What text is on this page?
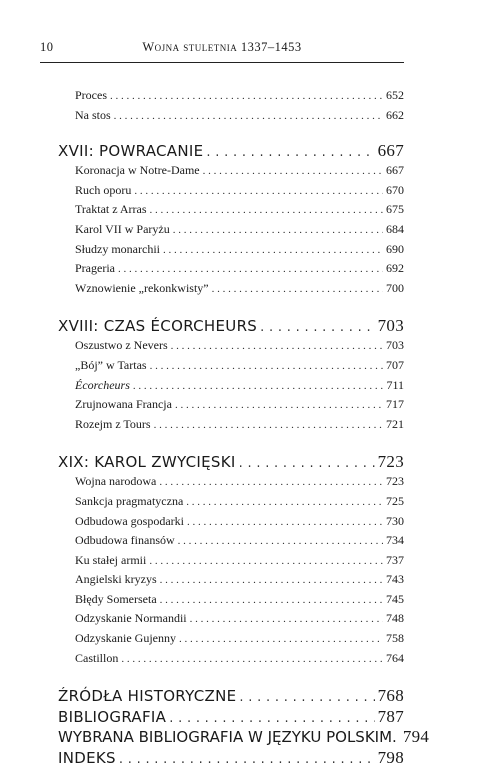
10	Wojna stuletnia 1337–1453
Proces . . .	652
Na stos . . .	662
XVII: POWRACANIE . . .	667
Koronacja w Notre-Dame . . .	667
Ruch oporu . . .	670
Traktat z Arras . . .	675
Karol VII w Paryżu . . .	684
Słudzy monarchii . . .	690
Prageria . . .	692
Wznowienie „rekonkwisty” . . .	700
XVIII: CZAS ÉCORCHEURS . . .	703
Oszustwo z Nevers . . .	703
„Bój” w Tartas . . .	707
Écorcheurs . . .	711
Zrujnowana Francja . . .	717
Rozejm z Tours . . .	721
XIX: KAROL ZWYCIĘSKI . . .	723
Wojna narodowa . . .	723
Sankcja pragmatyczna . . .	725
Odbudowa gospodarki . . .	730
Odbudowa finansów . . .	734
Ku stałej armii . . .	737
Angielski kryzys . . .	743
Błędy Somerseta . . .	745
Odzyskanie Normandii . . .	748
Odzyskanie Gujenny . . .	758
Castillon . . .	764
ŹRÓDŁA HISTORYCZNE . . .	768
BIBLIOGRAFIA . . .	787
WYBRANA BIBLIOGRAFIA W JĘZYKU POLSKIM. 794
INDEKS . . .	798
